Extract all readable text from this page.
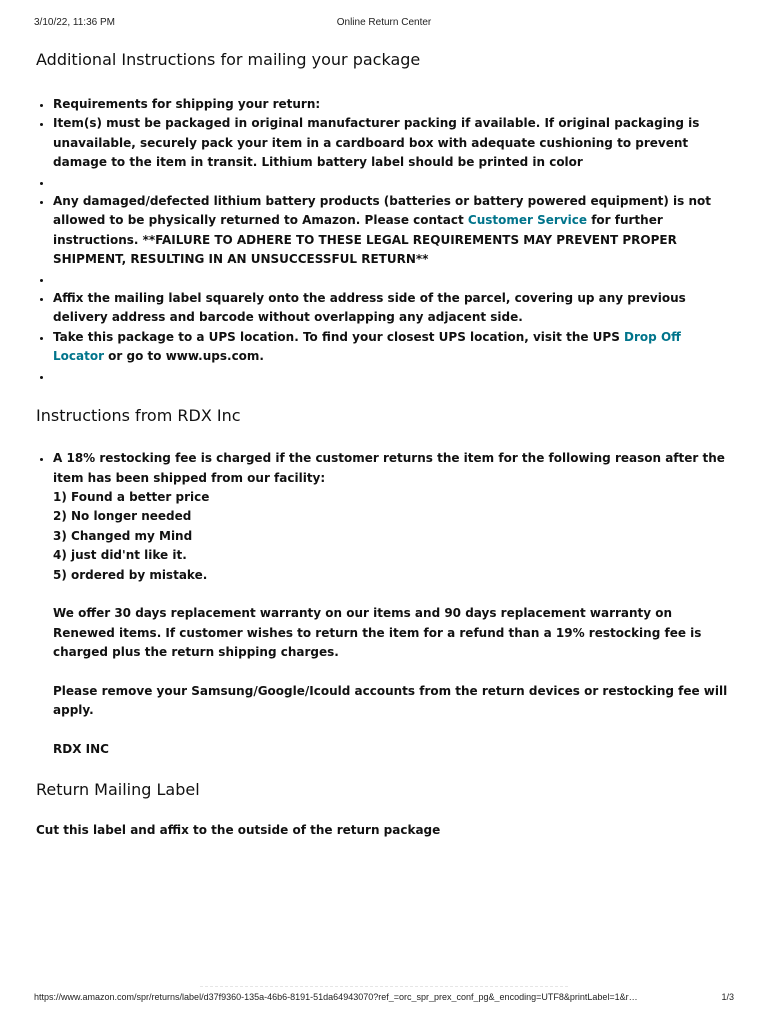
3/10/22, 11:36 PM	Online Return Center
Additional Instructions for mailing your package
• Requirements for shipping your return:
• Item(s) must be packaged in original manufacturer packing if available. If original packaging is unavailable, securely pack your item in a cardboard box with adequate cushioning to prevent damage to the item in transit. Lithium battery label should be printed in color
•
• Any damaged/defected lithium battery products (batteries or battery powered equipment) is not allowed to be physically returned to Amazon. Please contact Customer Service for further instructions. **FAILURE TO ADHERE TO THESE LEGAL REQUIREMENTS MAY PREVENT PROPER SHIPMENT, RESULTING IN AN UNSUCCESSFUL RETURN**
•
• Affix the mailing label squarely onto the address side of the parcel, covering up any previous delivery address and barcode without overlapping any adjacent side.
• Take this package to a UPS location. To find your closest UPS location, visit the UPS Drop Off Locator or go to www.ups.com.
•
Instructions from RDX Inc
• A 18% restocking fee is charged if the customer returns the item for the following reason after the item has been shipped from our facility:
1) Found a better price
2) No longer needed
3) Changed my Mind
4) just did'nt like it.
5) ordered by mistake.
We offer 30 days replacement warranty on our items and 90 days replacement warranty on Renewed items. If customer wishes to return the item for a refund than a 19% restocking fee is charged plus the return shipping charges.
Please remove your Samsung/Google/Icould accounts from the return devices or restocking fee will apply.
RDX INC
Return Mailing Label

Cut this label and affix to the outside of the return package

https://www.amazon.com/spr/returns/label/d37f9360-135a-46b6-8191-51da64943070?ref_=orc_spr_prex_conf_pg&_encoding=UTF8&printLabel=1&r…	1/3
